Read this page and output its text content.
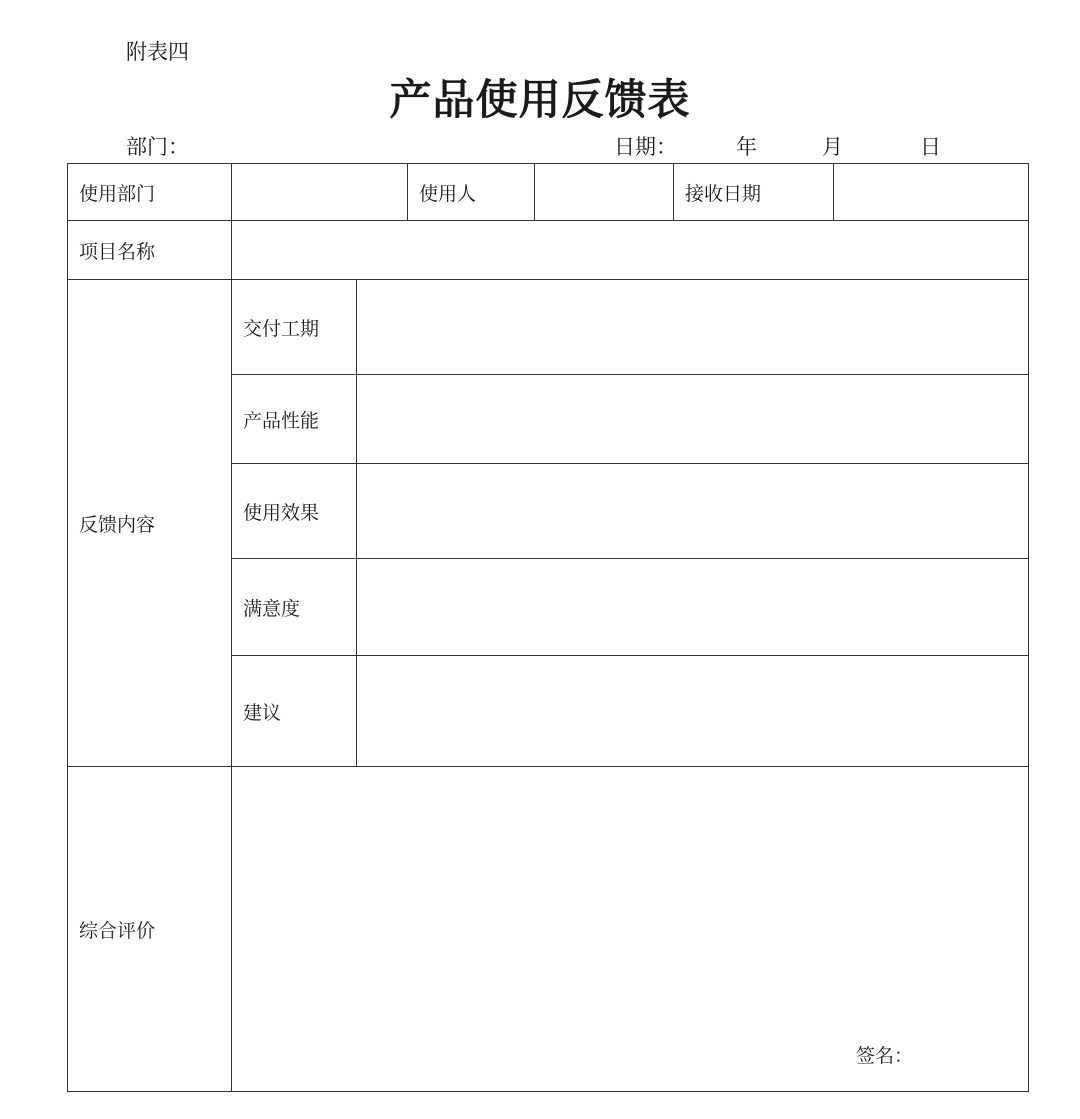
附表四
产品使用反馈表
部门：	日期：	年	月	日
使用部门			使用人		接收日期	
项目名称						
反馈内容	交付工期					
	产品性能					
	使用效果					
	满意度					
	建议					
综合评价						
签名：
